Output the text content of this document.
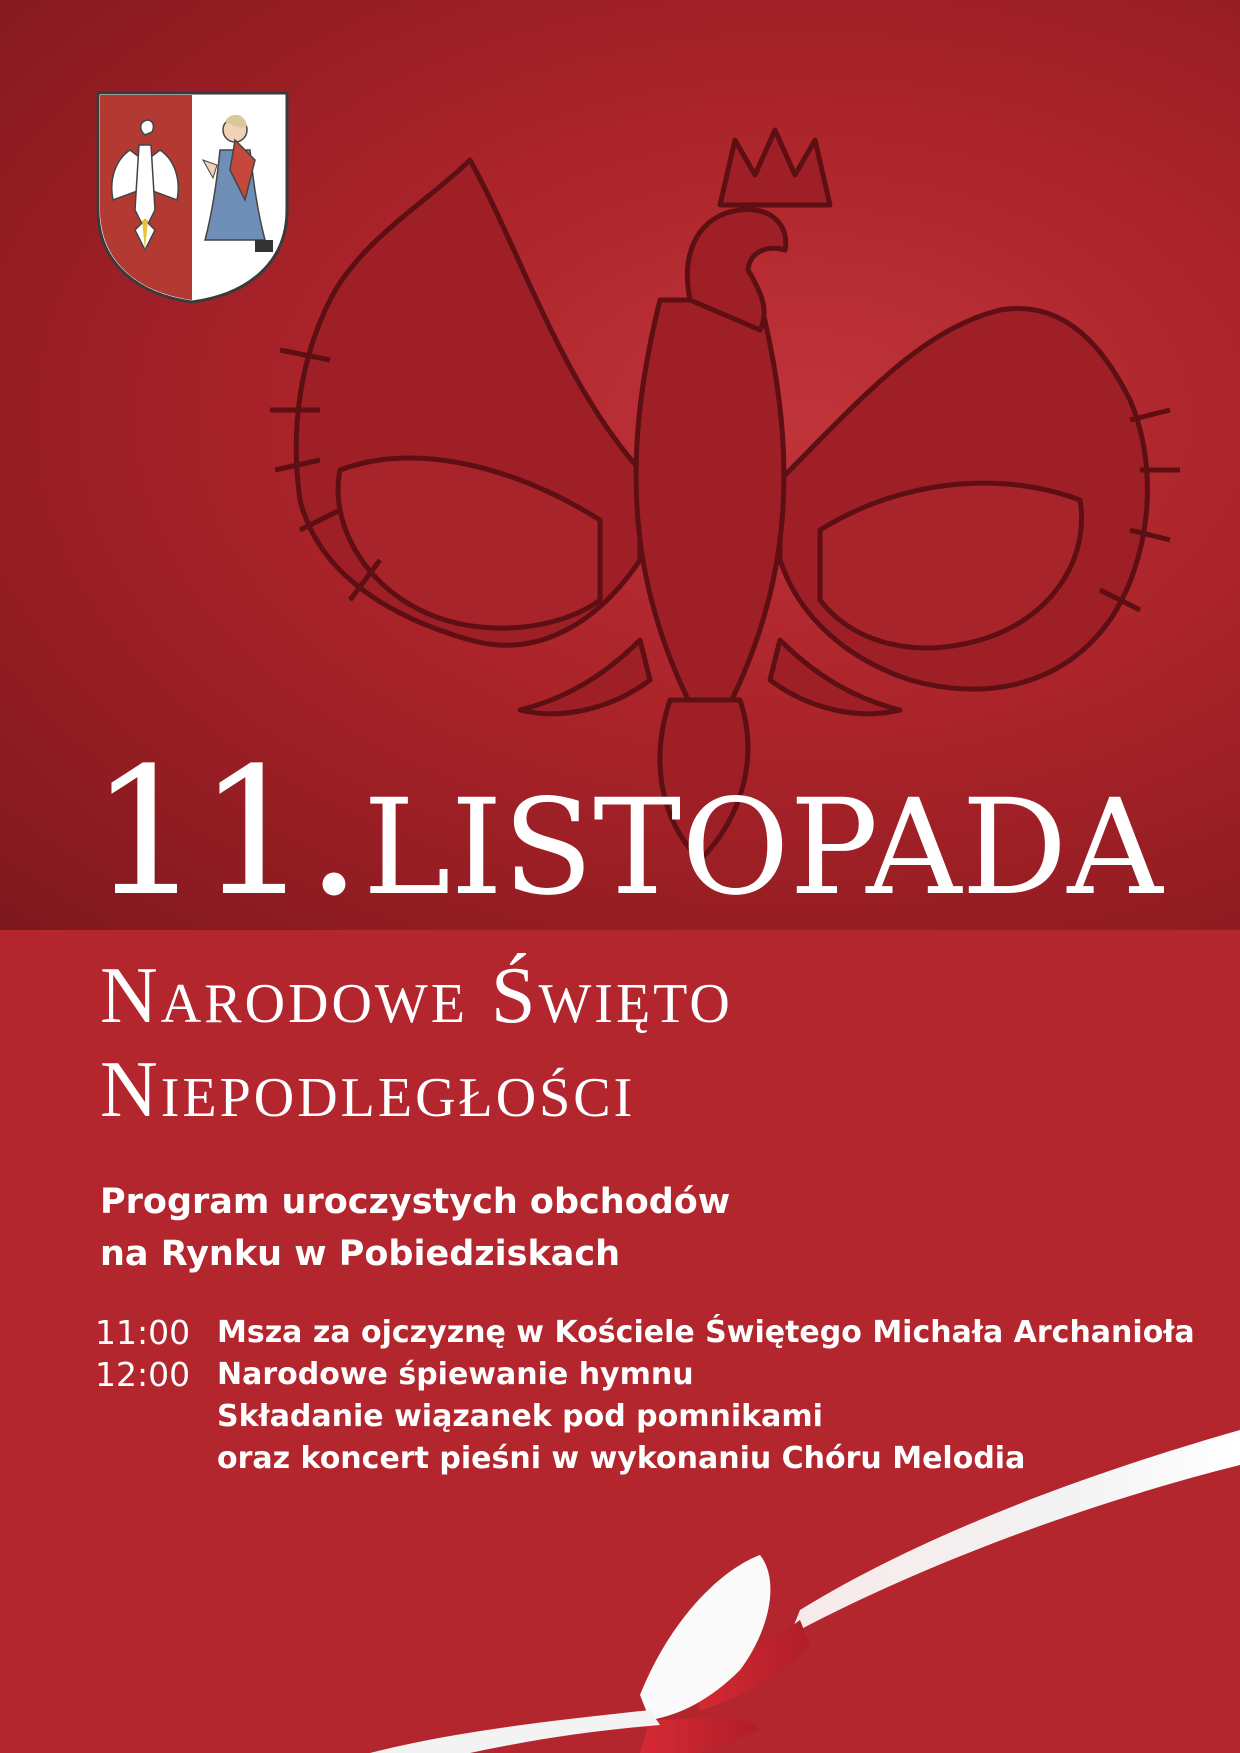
11. LISTOPADA
Narodowe Święto
Niepodległości
Program uroczystych obchodów
na Rynku w Pobiedziskach
11:00 Msza za ojczyznę w Kościele Świętego Michała Archanioła
12:00 Narodowe śpiewanie hymnu
Składanie wiązanek pod pomnikami
oraz koncert pieśni w wykonaniu Chóru Melodia
